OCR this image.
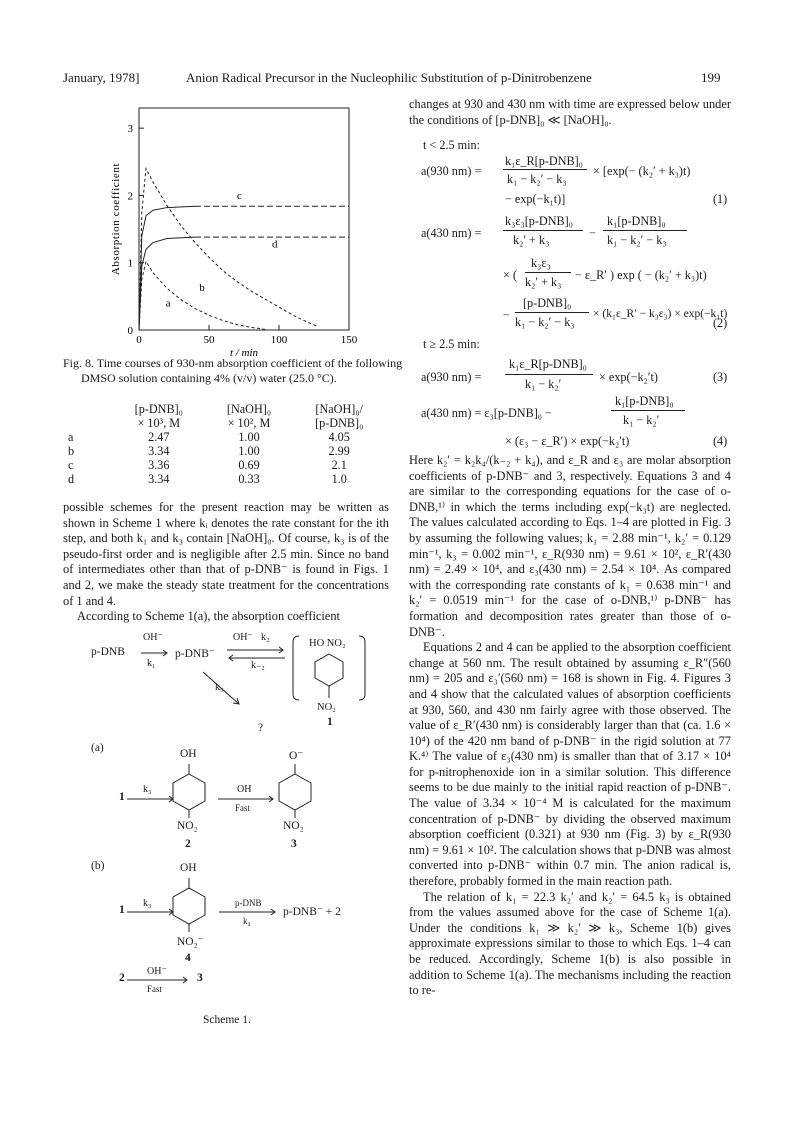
January, 1978]	Anion Radical Precursor in the Nucleophilic Substitution of p-Dinitrobenzene	199
0	50	100	150
0
1
2
3
t / min
Absorption coefficient
a
b
c
d
Fig. 8. Time courses of 930-nm absorption coefficient of the following DMSO solution containing 4% (v/v) water (25.0 °C).
	[p-DNB]₀
× 10³, M	[NaOH]₀
× 10², M	[NaOH]₀/
[p-DNB]₀
a	2.47	1.00	4.05
b	3.34	1.00	2.99
c	3.36	0.69	2.1
d	3.34	0.33	1.0

possible schemes for the present reaction may be written as shown in Scheme 1 where kᵢ denotes the rate constant for the ith step, and both k₁ and k₃ contain [NaOH]₀. Of course, k₃ is of the pseudo-first order and is negligible after 2.5 min. Since no band of intermediates other than that of p-DNB⁻ is found in Figs. 1 and 2, we make the steady state treatment for the concentrations of 1 and 4.

According to Scheme 1(a), the absorption coefficient

p-DNB
OH⁻
k₁
p-DNB⁻
OH⁻ k₂
k₋₂
HO NO₂
NO₂
1
k₅
?
(a)	OH
1
k₃
NO₂
2
OH
Fast
O⁻
NO₂
3
(b)	OH
1
k₃
NO₂⁻
4
p-DNB
k₄
p-DNB⁻ + 2
2
OH⁻
Fast
3
Scheme 1.
changes at 930 and 430 nm with time are expressed below under the conditions of [p-DNB]₀ ≪ [NaOH]₀.
t < 2.5 min:
a(930 nm) =
k₁ε_R[p-DNB]₀
k₁ − k₂′ − k₃
× [exp(− (k₂′ + k₃)t)
− exp(−k₁t)]	(1)
a(430 nm) =
k₃ε₃[p-DNB]₀
k₂′ + k₃	−
k₁[p-DNB]₀
k₁ − k₂′ − k₃
× (
k₃ε₃
k₂′ + k₃ − ε_R′ ) exp ( − (k₂′ + k₃)t)
−
[p-DNB]₀
k₁ − k₂′ − k₃
× (k₁ε_R′ − k₃ε₃) × exp(−k₁t)
(2)
t ≥ 2.5 min:
a(930 nm) =
k₁ε_R[p-DNB]₀
k₁ − k₂′	× exp(−k₂′t)	(3)
a(430 nm) = ε₃[p-DNB]₀ −
k₁[p-DNB]₀
k₁ − k₂′
× (ε₃ − ε_R′) × exp(−k₂′t)	(4)

Here k₂′ = k₂k₄/(k₋₂ + k₄), and ε_R and ε₃ are molar absorption coefficients of p-DNB⁻ and 3, respectively. Equations 3 and 4 are similar to the corresponding equations for the case of o-DNB,¹⁾ in which the terms including exp(−k₃t) are neglected. The values calculated according to Eqs. 1–4 are plotted in Fig. 3 by assuming the following values; k₁ = 2.88 min⁻¹, k₂′ = 0.129 min⁻¹, k₃ = 0.002 min⁻¹, ε_R(930 nm) = 9.61 × 10², ε_R′(430 nm) = 2.49 × 10⁴, and ε₃(430 nm) = 2.54 × 10⁴. As compared with the corresponding rate constants of k₁ = 0.638 min⁻¹ and k₂′ = 0.0519 min⁻¹ for the case of o-DNB,¹⁾ p-DNB⁻ has formation and decomposition rates greater than those of o-DNB⁻.

Equations 2 and 4 can be applied to the absorption coefficient change at 560 nm. The result obtained by assuming ε_R″(560 nm) = 205 and ε₃′(560 nm) = 168 is shown in Fig. 4. Figures 3 and 4 show that the calculated values of absorption coefficients at 930, 560, and 430 nm fairly agree with those observed. The value of ε_R′(430 nm) is considerably larger than that (ca. 1.6 × 10⁴) of the 420 nm band of p-DNB⁻ in the rigid solution at 77 K.⁴⁾ The value of ε₃(430 nm) is smaller than that of 3.17 × 10⁴ for p-nitrophenoxide ion in a similar solution. This difference seems to be due mainly to the initial rapid reaction of p-DNB⁻. The value of 3.34 × 10⁻⁴ M is calculated for the maximum concentration of p-DNB⁻ by dividing the observed maximum absorption coefficient (0.321) at 930 nm (Fig. 3) by ε_R(930 nm) = 9.61 × 10². The calculation shows that p-DNB was almost converted into p-DNB⁻ within 0.7 min. The anion radical is, therefore, probably formed in the main reaction path.

The relation of k₁ = 22.3 k₂′ and k₂′ = 64.5 k₃ is obtained from the values assumed above for the case of Scheme 1(a). Under the conditions k₁ ≫ k₂′ ≫ k₃, Scheme 1(b) gives approximate expressions similar to those to which Eqs. 1–4 can be reduced. Accordingly, Scheme 1(b) is also possible in addition to Scheme 1(a). The mechanisms including the reaction to re-
